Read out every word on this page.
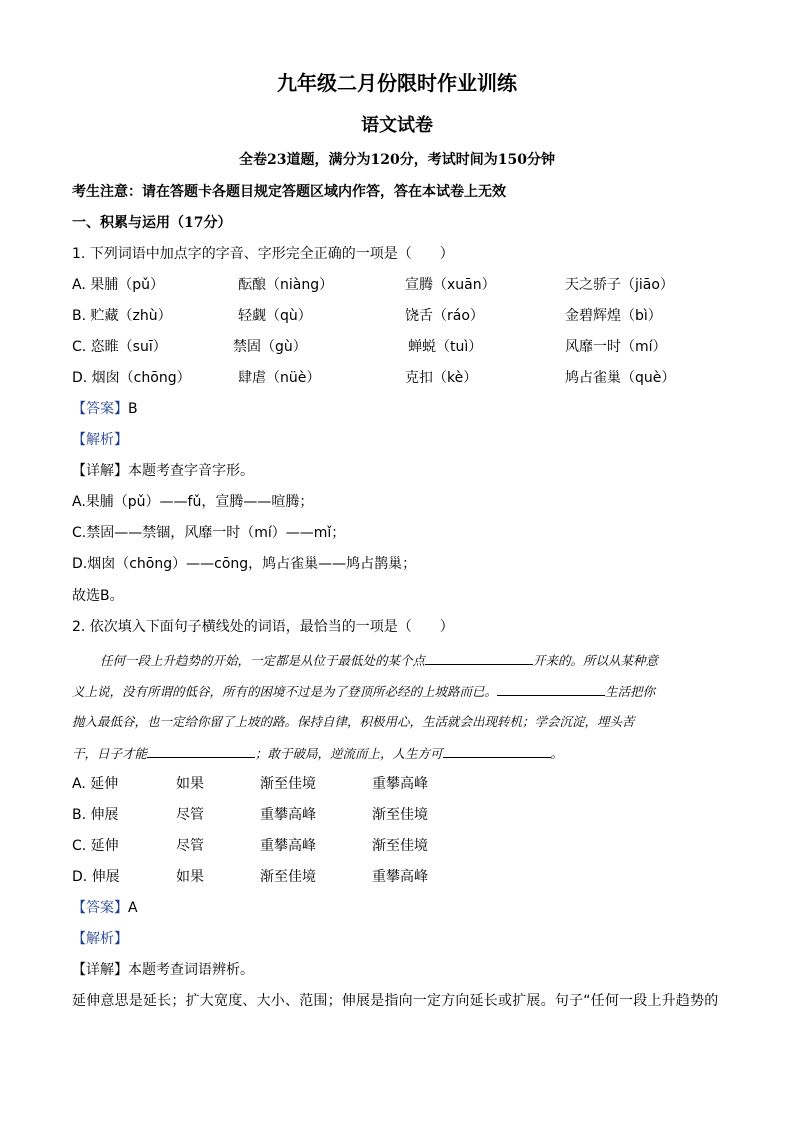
九年级二月份限时作业训练
语文试卷
全卷23道题，满分为120分，考试时间为150分钟
考生注意：请在答题卡各题目规定答题区域内作答，答在本试卷上无效
一、积累与运用（17分）
1. 下列词语中加点字的字音、字形完全正确的一项是（　　）
A. 果脯（pǔ）	酝酿（niàng）	宣腾（xuān）	天之骄子（jiāo）
B. 贮藏（zhù）	轻觑（qù）	饶舌（ráo）	金碧辉煌（bì）
C. 恣睢（suī）	禁固（gù）	蝉蜕（tuì）	风靡一时（mí）
D. 烟囱（chōng）	肆虐（nüè）	克扣（kè）	鸠占雀巢（què）
【答案】B
【解析】
【详解】本题考查字音字形。
A.果脯（pǔ）——fǔ，宣腾——喧腾；
C.禁固——禁锢，风靡一时（mí）——mǐ；
D.烟囱（chōng）——cōng，鸠占雀巢——鸠占鹊巢；
故选B。
2. 依次填入下面句子横线处的词语，最恰当的一项是（　　）
任何一段上升趋势的开始，一定都是从位于最低处的某个点	开来的。所以从某种意
义上说，没有所谓的低谷，所有的困境不过是为了登顶所必经的上坡路而已。	生活把你
抛入最低谷，也一定给你留了上坡的路。保持自律，积极用心，生活就会出现转机；学会沉淀，埋头苦
干，日子才能	；敢于破局，逆流而上，人生方可	。
A. 延伸	如果	渐至佳境	重攀高峰
B. 伸展	尽管	重攀高峰	渐至佳境
C. 延伸	尽管	重攀高峰	渐至佳境
D. 伸展	如果	渐至佳境	重攀高峰
【答案】A
【解析】
【详解】本题考查词语辨析。
延伸意思是延长；扩大宽度、大小、范围；伸展是指向一定方向延长或扩展。句子“任何一段上升趋势的
